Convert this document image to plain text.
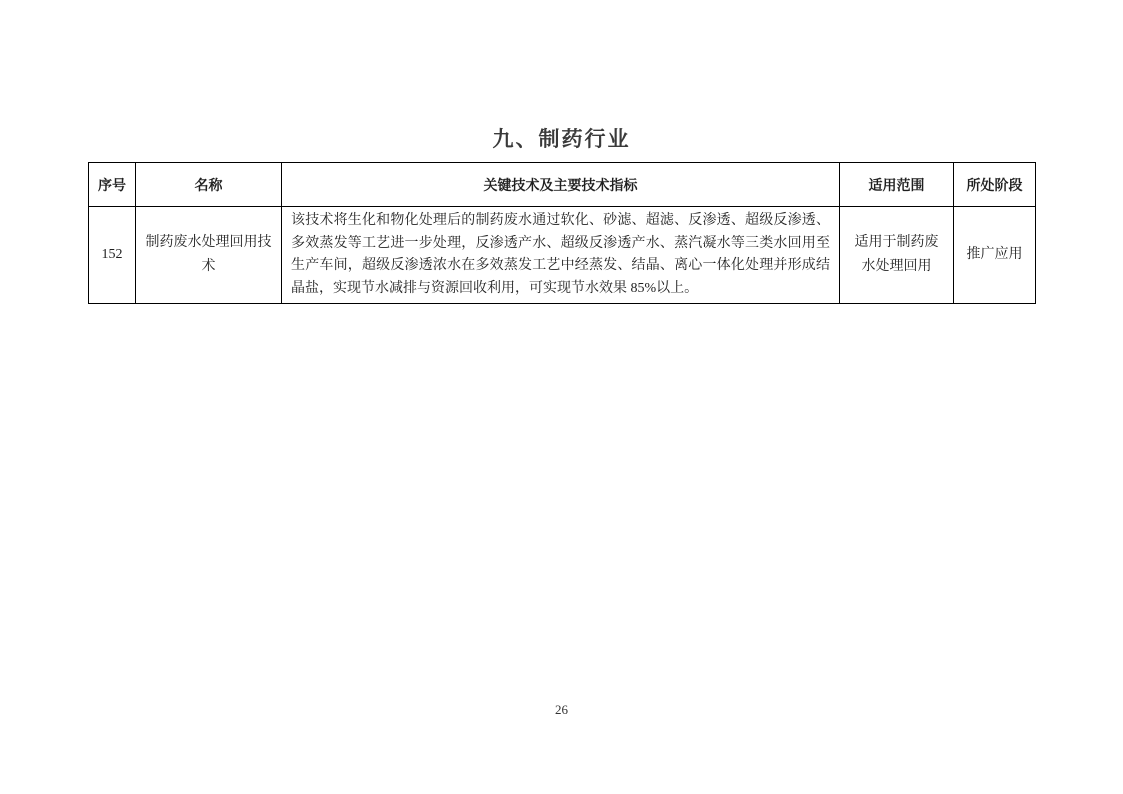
九、制药行业
序号	名称	关键技术及主要技术指标	适用范围	所处阶段
152	制药废水处理回用技术	该技术将生化和物化处理后的制药废水通过软化、砂滤、超滤、反渗透、超级反渗透、多效蒸发等工艺进一步处理，反渗透产水、超级反渗透产水、蒸汽凝水等三类水回用至生产车间，超级反渗透浓水在多效蒸发工艺中经蒸发、结晶、离心一体化处理并形成结晶盐，实现节水减排与资源回收利用，可实现节水效果 85%以上。	适用于制药废水处理回用	推广应用
26
